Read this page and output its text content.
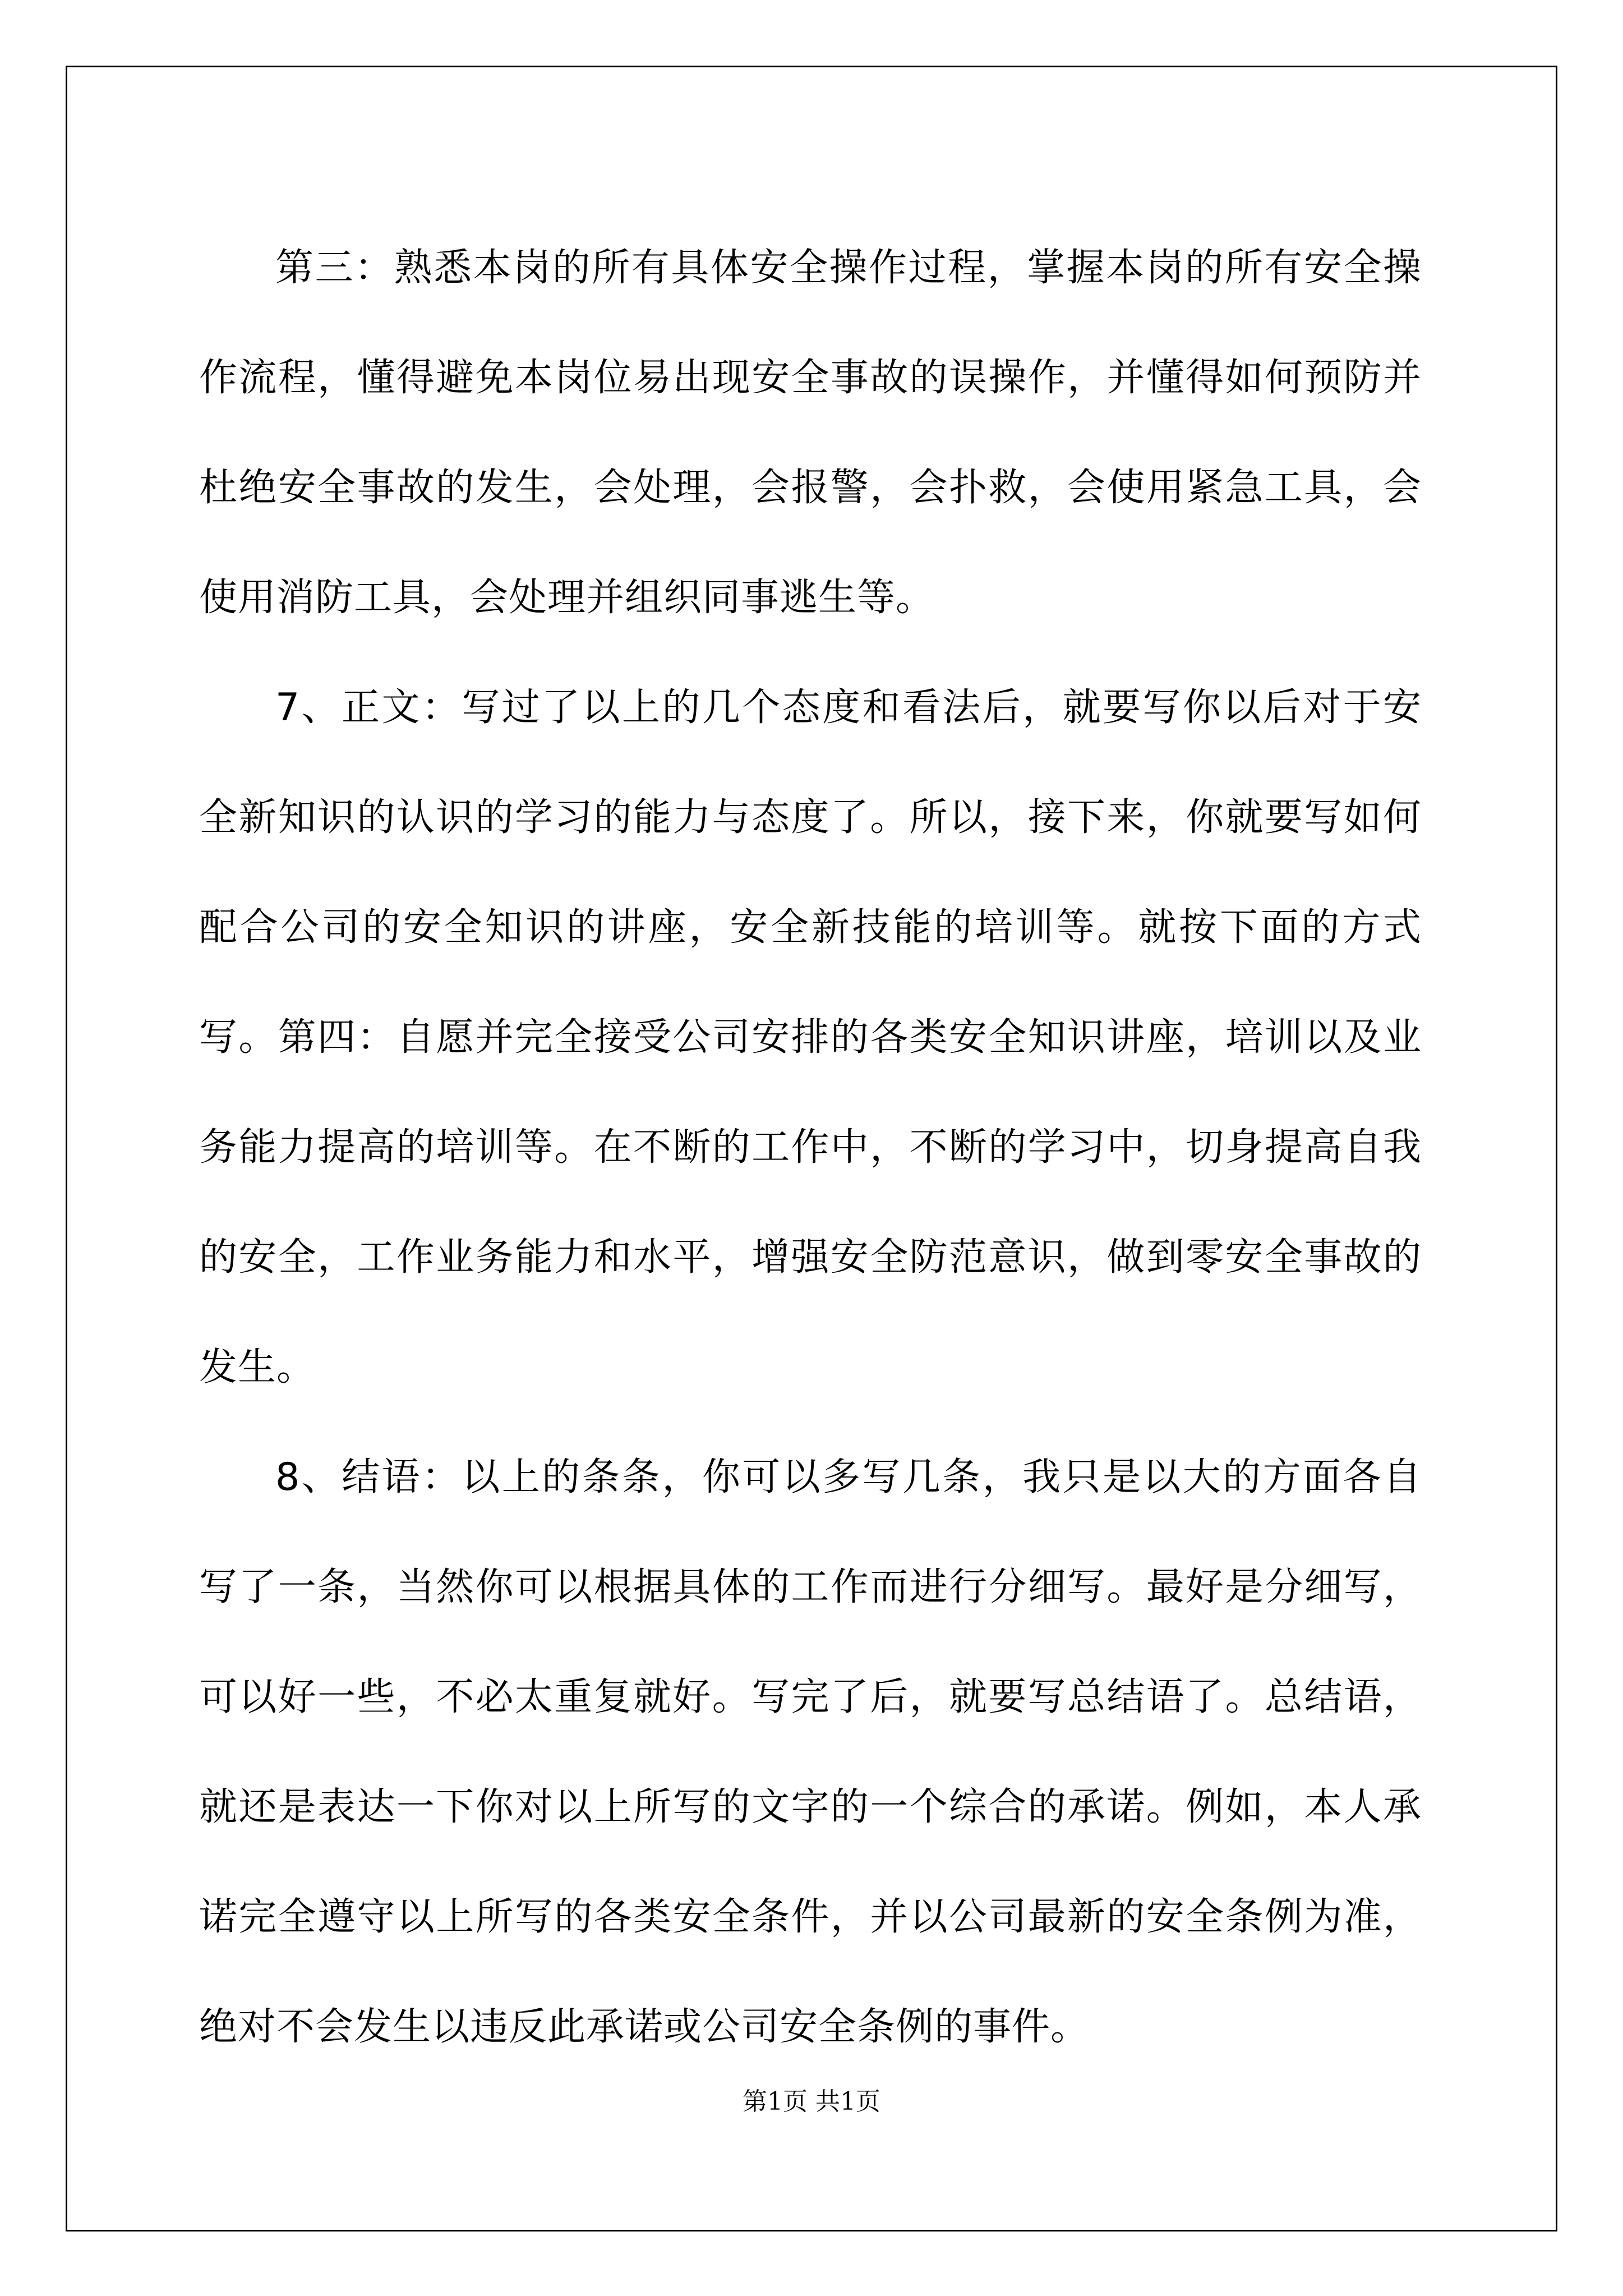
第三：熟悉本岗的所有具体安全操作过程，掌握本岗的所有安全操作流程，懂得避免本岗位易出现安全事故的误操作，并懂得如何预防并杜绝安全事故的发生，会处理，会报警，会扑救，会使用紧急工具，会使用消防工具，会处理并组织同事逃生等。

7、正文：写过了以上的几个态度和看法后，就要写你以后对于安全新知识的认识的学习的能力与态度了。所以，接下来，你就要写如何配合公司的安全知识的讲座，安全新技能的培训等。就按下面的方式写。第四：自愿并完全接受公司安排的各类安全知识讲座，培训以及业务能力提高的培训等。在不断的工作中，不断的学习中，切身提高自我的安全，工作业务能力和水平，增强安全防范意识，做到零安全事故的发生。

8、结语：以上的条条，你可以多写几条，我只是以大的方面各自写了一条，当然你可以根据具体的工作而进行分细写。最好是分细写，可以好一些，不必太重复就好。写完了后，就要写总结语了。总结语，就还是表达一下你对以上所写的文字的一个综合的承诺。例如，本人承诺完全遵守以上所写的各类安全条件，并以公司最新的安全条例为准，绝对不会发生以违反此承诺或公司安全条例的事件。

第1页 共1页
